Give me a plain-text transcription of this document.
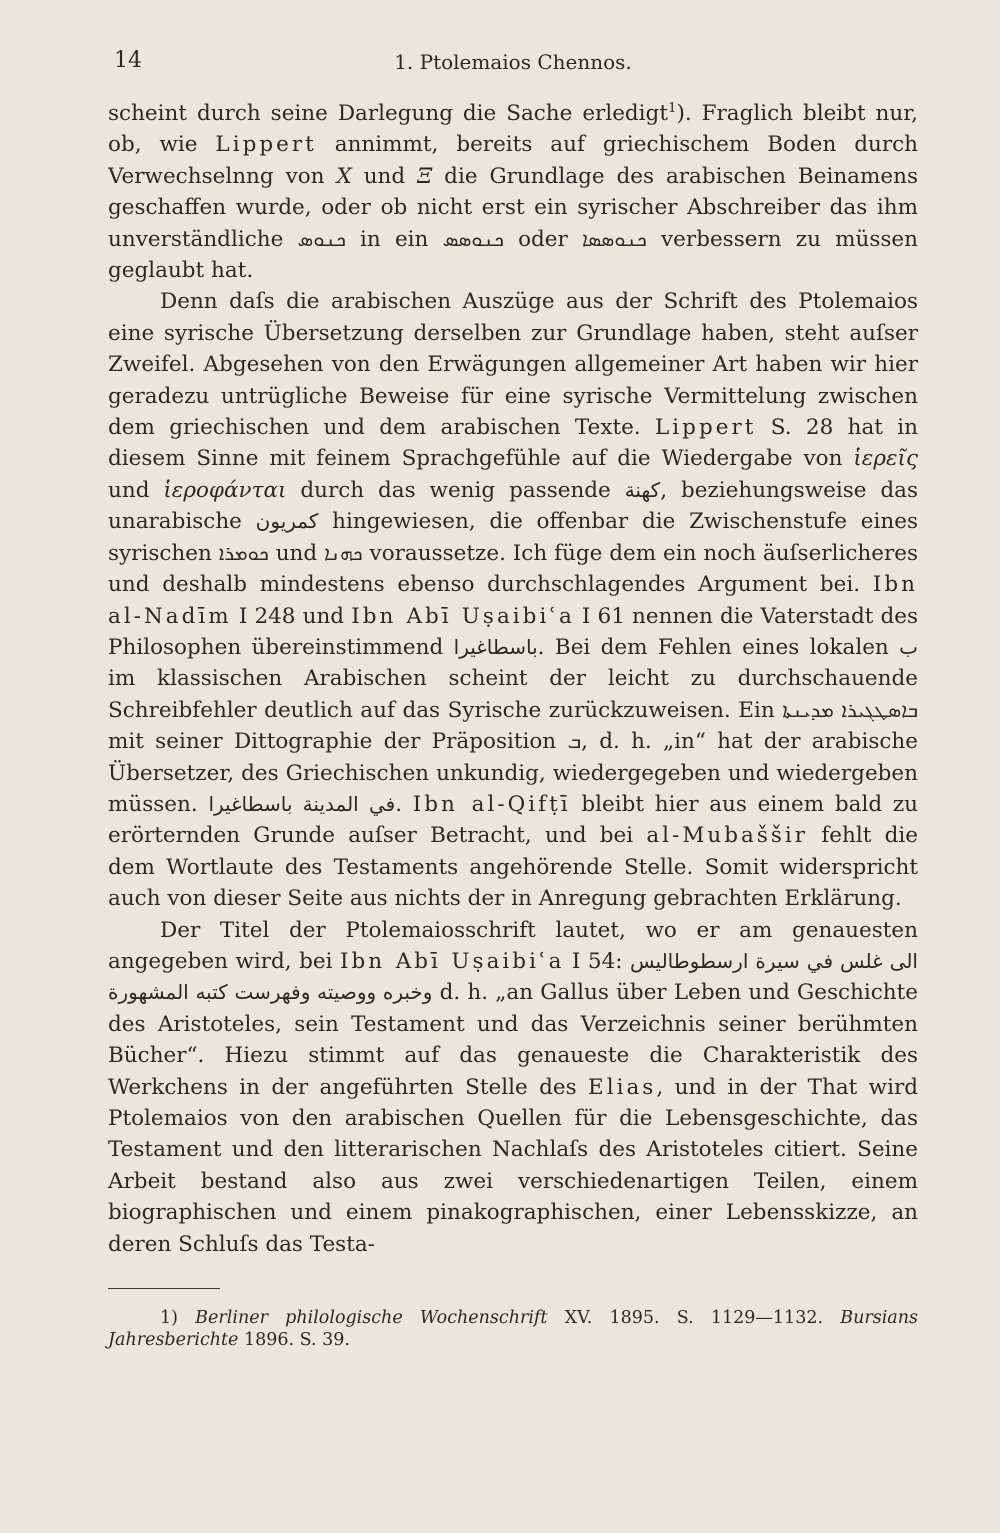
14	1. Ptolemaios Chennos.

scheint durch seine Darlegung die Sache erledigt$^1$). Fraglich bleibt nur, ob, wie Lippert annimmt, bereits auf griechischem Boden durch Verwechselnng von X und Ξ die Grundlage des arabischen Beinamens geschaffen wurde, oder ob nicht erst ein syrischer Abschreiber das ihm unverständliche ܟܢܘܣ in ein ܟܢܘܣܣ oder ܟܢܘܣܣܐ verbessern zu müssen geglaubt hat.

Denn daſs die arabischen Auszüge aus der Schrift des Ptolemaios eine syrische Übersetzung derselben zur Grundlage haben, steht auſser Zweifel. Abgesehen von den Erwägungen allgemeiner Art haben wir hier geradezu untrügliche Beweise für eine syrische Vermittelung zwischen dem griechischen und dem arabischen Texte. Lippert S. 28 hat in diesem Sinne mit feinem Sprachgefühle auf die Wiedergabe von ἱερεῖς und ἱεροφάνται durch das wenig passende كهنة, beziehungsweise das unarabische كمريون hingewiesen, die offenbar die Zwischenstufe eines syrischen ܟܘܡܪܐ und ܟܗܢܐ voraussetze. Ich füge dem ein noch äuſserlicheres und deshalb mindestens ebenso durchschlagendes Argument bei. Ibn al-Nadīm I 248 und Ibn Abī Uṣaibiʿa I 61 nennen die Vaterstadt des Philosophen übereinstimmend باسطاغيرا. Bei dem Fehlen eines lokalen ب im klassischen Arabischen scheint der leicht zu durchschauende Schreibfehler deutlich auf das Syrische zurückzuweisen. Ein	ܒܐܣܛܓܝܪܐ ܡܕܝܢܬܐ mit seiner Dittographie der Präposition ܒ, d. h. „in“ hat der arabische Übersetzer, des Griechischen unkundig, wiedergegeben und wiedergeben müssen. في المدينة باسطاغيرا. Ibn al-Qifṭī bleibt hier aus einem bald zu erörternden Grunde auſser Betracht, und bei al-Mubaššir fehlt die dem Wortlaute des Testaments angehörende Stelle. Somit widerspricht auch von dieser Seite aus nichts der in Anregung gebrachten Erklärung.

Der Titel der Ptolemaiosschrift lautet, wo er am genauesten angegeben wird, bei Ibn Abī Uṣaibiʿa I 54: الى غلس في سيرة ارسطوطاليس وخبره ووصيته وفهرست كتبه المشهورة d. h. „an Gallus über Leben und Geschichte des Aristoteles, sein Testament und das Verzeichnis seiner berühmten Bücher“. Hiezu stimmt auf das genaueste die Charakteristik des Werkchens in der angeführten Stelle des Elias, und in der That wird Ptolemaios von den arabischen Quellen für die Lebensgeschichte, das Testament und den litterarischen Nachlaſs des Aristoteles citiert. Seine Arbeit bestand also aus zwei verschiedenartigen Teilen, einem biographischen und einem pinakographischen, einer Lebensskizze, an deren Schluſs das Testa-

1) Berliner philologische Wochenschrift XV. 1895. S. 1129—1132. Bursians Jahresberichte 1896. S. 39.
